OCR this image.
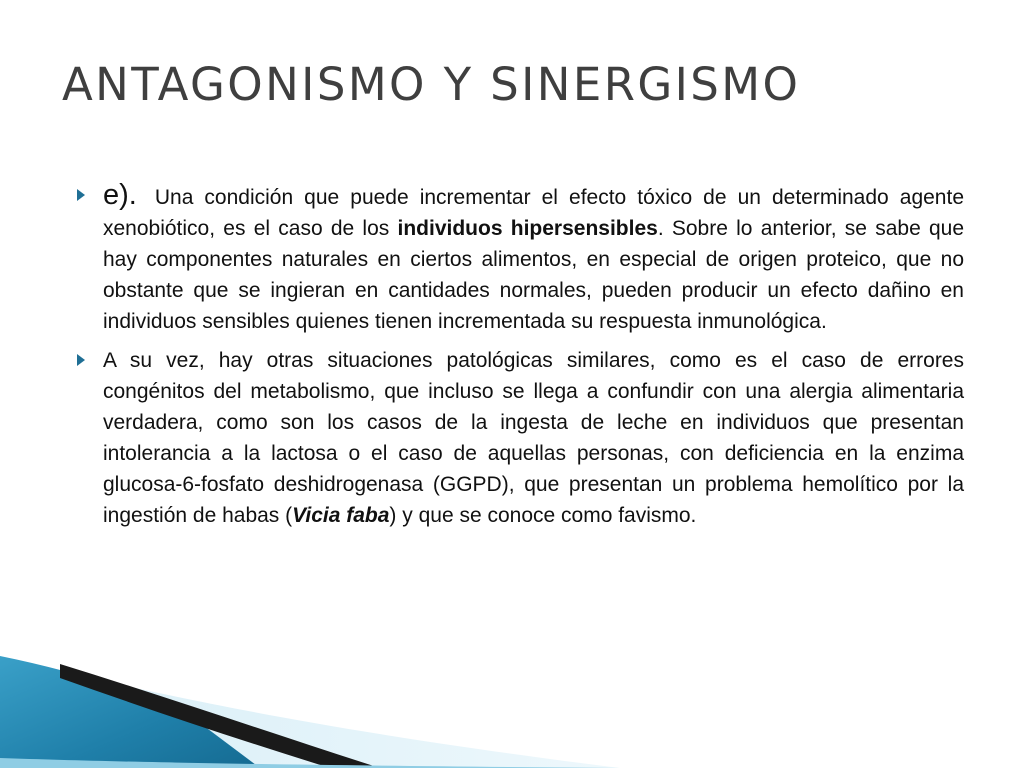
ANTAGONISMO Y SINERGISMO

e). Una condición que puede incrementar el efecto tóxico de un determinado agente xenobiótico, es el caso de los individuos hipersensibles. Sobre lo anterior, se sabe que hay componentes naturales en ciertos alimentos, en especial de origen proteico, que no obstante que se ingieran en cantidades normales, pueden producir un efecto dañino en individuos sensibles quienes tienen incrementada su respuesta inmunológica.

A su vez, hay otras situaciones patológicas similares, como es el caso de errores congénitos del metabolismo, que incluso se llega a confundir con una alergia alimentaria verdadera, como son los casos de la ingesta de leche en individuos que presentan intolerancia a la lactosa o el caso de aquellas personas, con deficiencia en la enzima glucosa-6-fosfato deshidrogenasa (GGPD), que presentan un problema hemolítico por la ingestión de habas (Vicia faba) y que se conoce como favismo.
